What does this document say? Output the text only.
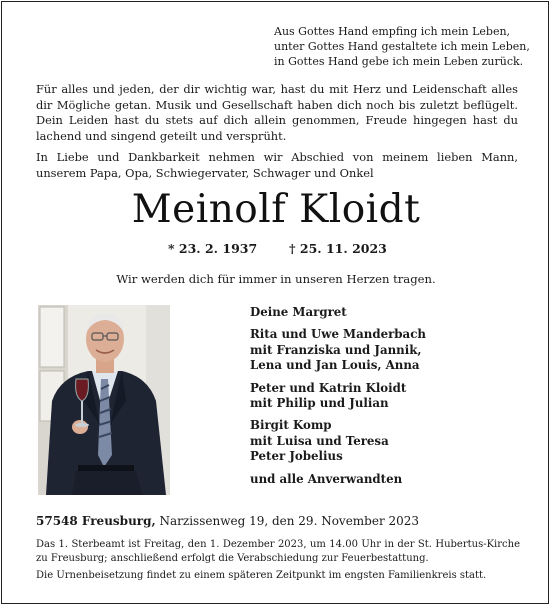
Aus Gottes Hand empfing ich mein Leben,
unter Gottes Hand gestaltete ich mein Leben,
in Gottes Hand gebe ich mein Leben zurück.

Für alles und jeden, der dir wichtig war, hast du mit Herz und Leidenschaft alles dir Mögliche getan. Musik und Gesellschaft haben dich noch bis zuletzt beflügelt. Dein Leiden hast du stets auf dich allein genommen, Freude hingegen hast du lachend und singend geteilt und versprüht.

In Liebe und Dankbarkeit nehmen wir Abschied von meinem lieben Mann, unserem Papa, Opa, Schwiegervater, Schwager und Onkel

Meinolf Kloidt
* 23. 2. 1937	† 25. 11. 2023
Wir werden dich für immer in unseren Herzen tragen.
Deine Margret
Rita und Uwe Manderbach
mit Franziska und Jannik,
Lena und Jan Louis, Anna
Peter und Katrin Kloidt
mit Philip und Julian
Birgit Komp
mit Luisa und Teresa
Peter Jobelius
und alle Anverwandten
57548 Freusburg, Narzissenweg 19, den 29. November 2023

Das 1. Sterbeamt ist Freitag, den 1. Dezember 2023, um 14.00 Uhr in der St. Hubertus-Kirche zu Freusburg; anschließend erfolgt die Verabschiedung zur Feuerbestattung.

Die Urnenbeisetzung findet zu einem späteren Zeitpunkt im engsten Familienkreis statt.
